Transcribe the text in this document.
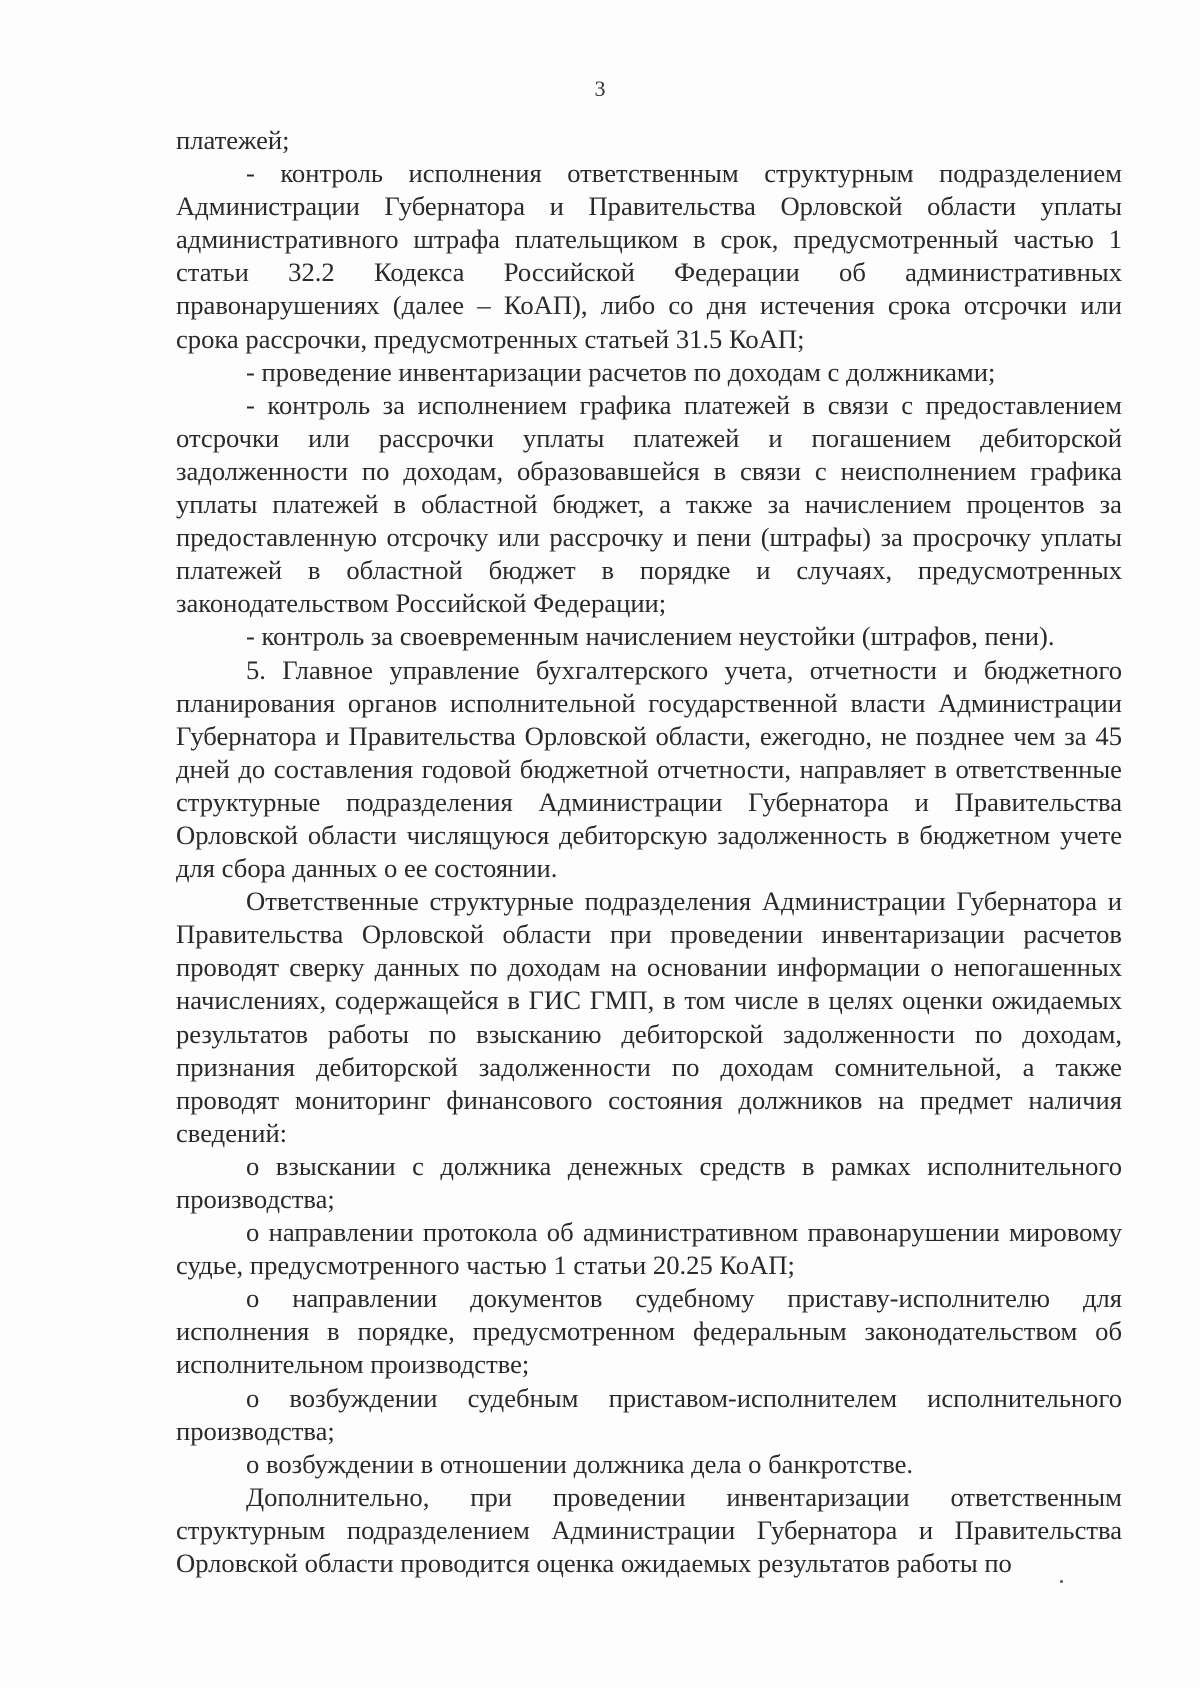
3

платежей;

- контроль исполнения ответственным структурным подразделением Администрации Губернатора и Правительства Орловской области уплаты административного штрафа плательщиком в срок, предусмотренный частью 1 статьи 32.2 Кодекса Российской Федерации об административных правонарушениях (далее – КоАП), либо со дня истечения срока отсрочки или срока рассрочки, предусмотренных статьей 31.5 КоАП;

- проведение инвентаризации расчетов по доходам с должниками;

- контроль за исполнением графика платежей в связи с предоставлением отсрочки или рассрочки уплаты платежей и погашением дебиторской задолженности по доходам, образовавшейся в связи с неисполнением графика уплаты платежей в областной бюджет, а также за начислением процентов за предоставленную отсрочку или рассрочку и пени (штрафы) за просрочку уплаты платежей в областной бюджет в порядке и случаях, предусмотренных законодательством Российской Федерации;

- контроль за своевременным начислением неустойки (штрафов, пени).

5. Главное управление бухгалтерского учета, отчетности и бюджетного планирования органов исполнительной государственной власти Администрации Губернатора и Правительства Орловской области, ежегодно, не позднее чем за 45 дней до составления годовой бюджетной отчетности, направляет в ответственные структурные подразделения Администрации Губернатора и Правительства Орловской области числящуюся дебиторскую задолженность в бюджетном учете для сбора данных о ее состоянии.

Ответственные структурные подразделения Администрации Губернатора и Правительства Орловской области при проведении инвентаризации расчетов проводят сверку данных по доходам на основании информации о непогашенных начислениях, содержащейся в ГИС ГМП, в том числе в целях оценки ожидаемых результатов работы по взысканию дебиторской задолженности по доходам, признания дебиторской задолженности по доходам сомнительной, а также проводят мониторинг финансового состояния должников на предмет наличия сведений:

о взыскании с должника денежных средств в рамках исполнительного производства;

о направлении протокола об административном правонарушении мировому судье, предусмотренного частью 1 статьи 20.25 КоАП;

о направлении документов судебному приставу-исполнителю для исполнения в порядке, предусмотренном федеральным законодательством об исполнительном производстве;

о возбуждении судебным приставом-исполнителем исполнительного производства;

о возбуждении в отношении должника дела о банкротстве.

Дополнительно, при проведении инвентаризации ответственным структурным подразделением Администрации Губернатора и Правительства Орловской области проводится оценка ожидаемых результатов работы по
